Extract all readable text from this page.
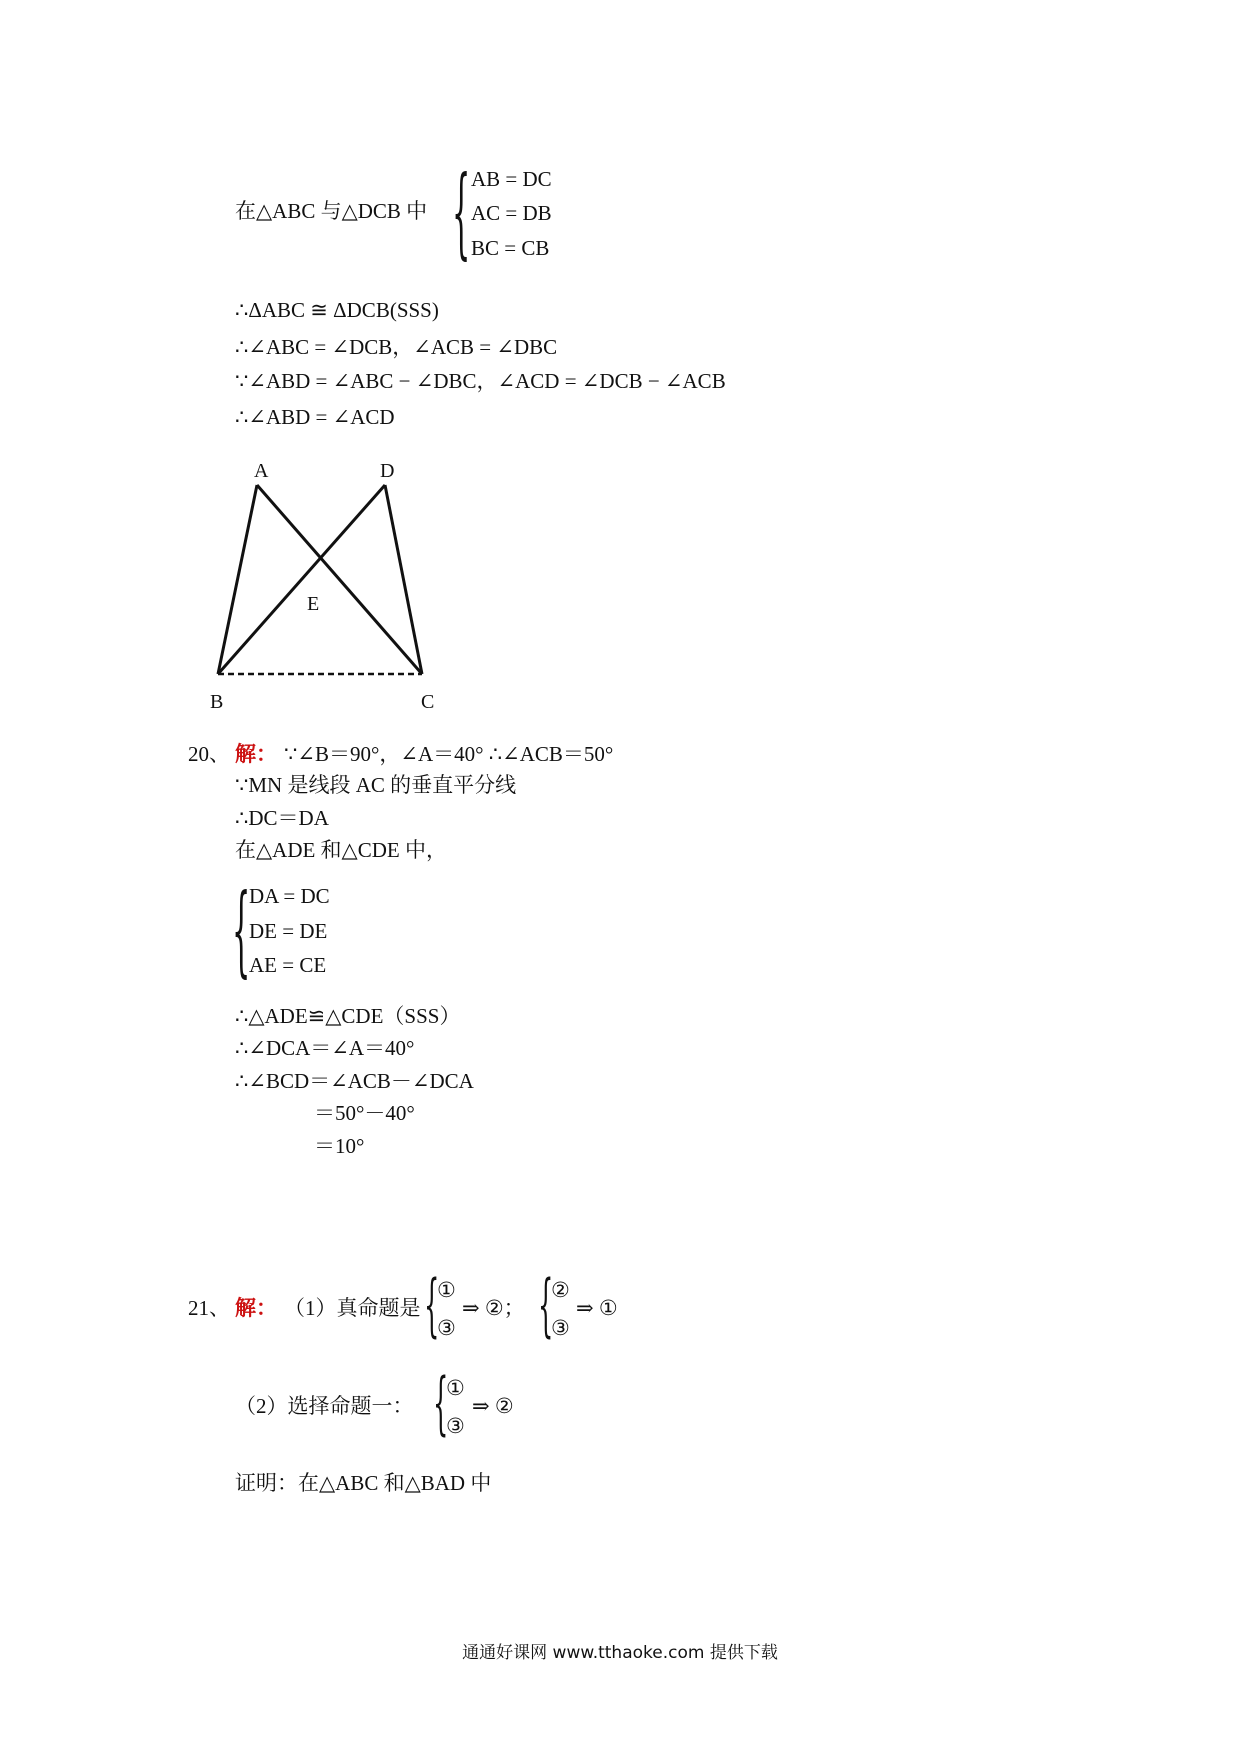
在△ABC 与△DCB 中 { AB = DC
AC = DB
BC = CB
∴ΔABC ≅ ΔDCB(SSS)
∴∠ABC = ∠DCB，∠ACB = ∠DBC
∵∠ABD = ∠ABC − ∠DBC，∠ACD = ∠DCB − ∠ACB
∴∠ABD = ∠ACD
A	D
E
B	C
20、 解： ∵∠B＝90°，∠A＝40° ∴∠ACB＝50°
∵MN 是线段 AC 的垂直平分线
∴DC＝DA
在△ADE 和△CDE 中，
{
DA = DC
DE = DE
AE = CE
∴△ADE≌△CDE（SSS）
∴∠DCA＝∠A＝40°
∴∠BCD＝∠ACB－∠DCA
＝50°－40°
＝10°
21、 解： （1）真命题是 {
①
③
⇒ ②； {
②
③
⇒ ①
（2）选择命题一： {
①
③
⇒ ②
证明：在△ABC 和△BAD 中
通通好课网 www.tthaoke.com 提供下载
